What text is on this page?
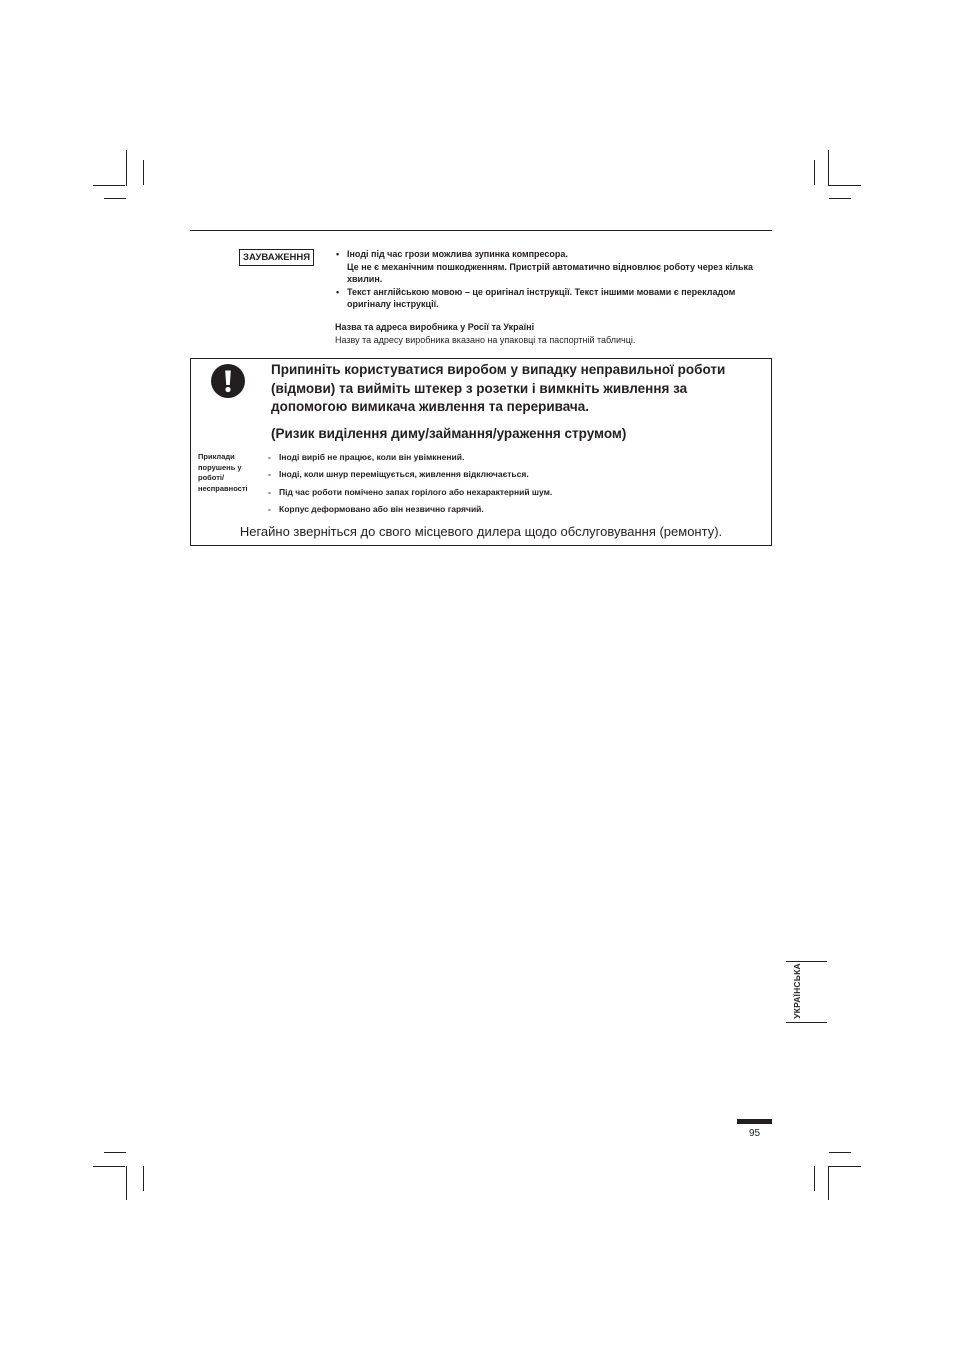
ЗАУВАЖЕННЯ	• Іноді під час грози можлива зупинка компресора.
Це не є механічним пошкодженням. Пристрій автоматично відновлює роботу через кілька хвилин.
• Текст англійською мовою – це оригінал інструкції. Текст іншими мовами є перекладом оригіналу інструкції.
Назва та адреса виробника у Росії та Україні
Назву та адресу виробника вказано на упаковці та паспортній табличці.
Припиніть користуватися виробом у випадку неправильної роботи
(відмови) та вийміть штекер з розетки і вимкніть живлення за
допомогою вимикача живлення та переривача.
(Ризик виділення диму/займання/ураження струмом)
Приклади
порушень у
роботі/
несправності
- Іноді виріб не працює, коли він увімкнений.
- Іноді, коли шнур переміщується, живлення відключається.
- Під час роботи помічено запах горілого або нехарактерний шум.
- Корпус деформовано або він незвично гарячий.
Негайно зверніться до свого місцевого дилера щодо обслуговування (ремонту).
УКРАЇНСЬКА
95
